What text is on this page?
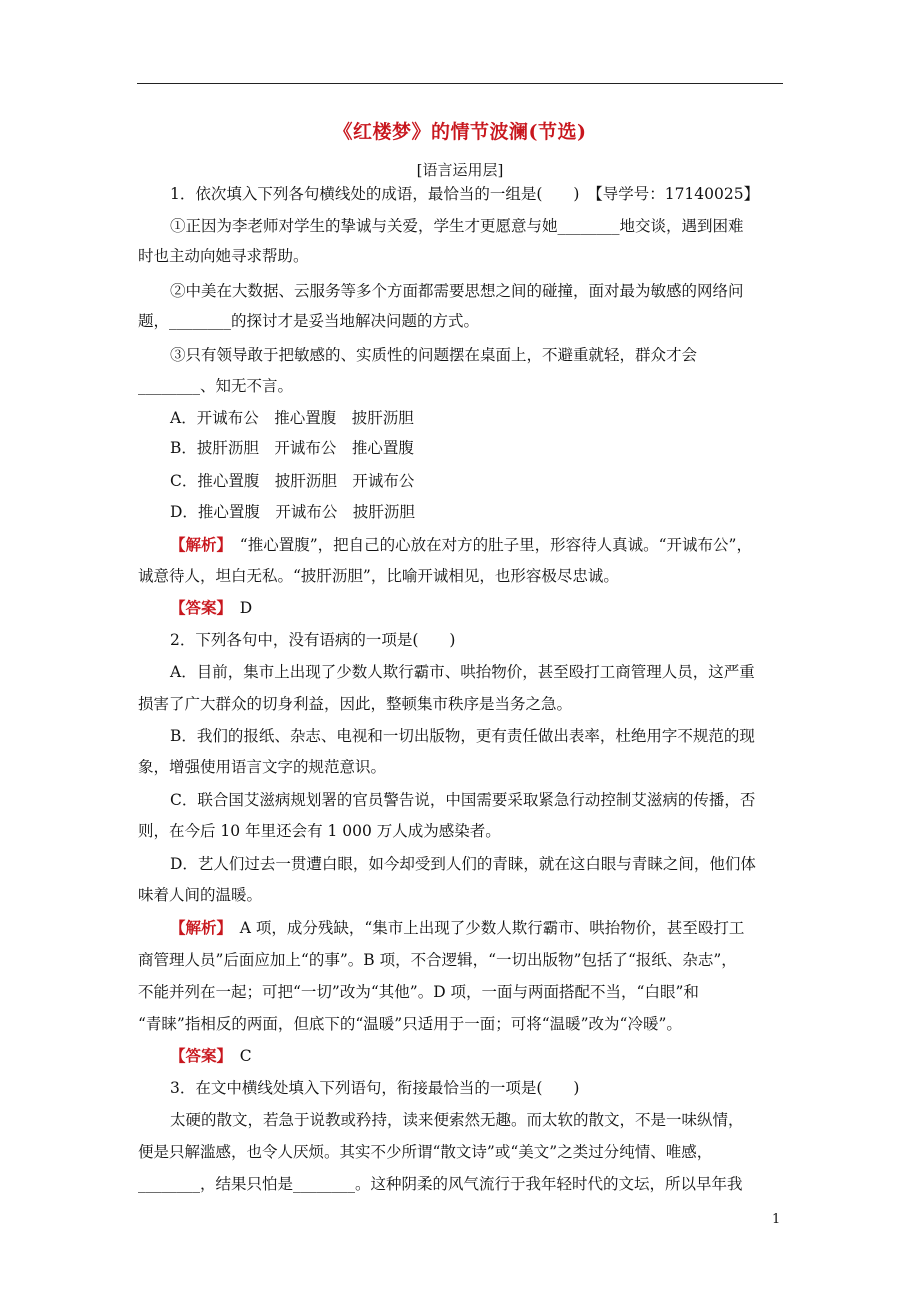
《红楼梦》的情节波澜(节选)
[语言运用层]
1．依次填入下列各句横线处的成语，最恰当的一组是(　　)　【导学号：17140025】
①正因为李老师对学生的挚诚与关爱，学生才更愿意与她________地交谈，遇到困难
时也主动向她寻求帮助。
②中美在大数据、云服务等多个方面都需要思想之间的碰撞，面对最为敏感的网络问
题，________的探讨才是妥当地解决问题的方式。
③只有领导敢于把敏感的、实质性的问题摆在桌面上，不避重就轻，群众才会
________、知无不言。
A．开诚布公　推心置腹　披肝沥胆
B．披肝沥胆　开诚布公　推心置腹
C．推心置腹　披肝沥胆　开诚布公
D．推心置腹　开诚布公　披肝沥胆
【解析】　“推心置腹”，把自己的心放在对方的肚子里，形容待人真诚。“开诚布公”，
诚意待人，坦白无私。“披肝沥胆”，比喻开诚相见，也形容极尽忠诚。
【答案】　D
2．下列各句中，没有语病的一项是(　　)
A．目前，集市上出现了少数人欺行霸市、哄抬物价，甚至殴打工商管理人员，这严重
损害了广大群众的切身利益，因此，整顿集市秩序是当务之急。
B．我们的报纸、杂志、电视和一切出版物，更有责任做出表率，杜绝用字不规范的现
象，增强使用语言文字的规范意识。
C．联合国艾滋病规划署的官员警告说，中国需要采取紧急行动控制艾滋病的传播，否
则，在今后 10 年里还会有 1 000 万人成为感染者。
D．艺人们过去一贯遭白眼，如今却受到人们的青睐，就在这白眼与青睐之间，他们体
味着人间的温暖。
【解析】　A 项，成分残缺，“集市上出现了少数人欺行霸市、哄抬物价，甚至殴打工
商管理人员”后面应加上“的事”。B 项，不合逻辑，“一切出版物”包括了“报纸、杂志”，
不能并列在一起；可把“一切”改为“其他”。D 项，一面与两面搭配不当，“白眼”和
“青睐”指相反的两面，但底下的“温暖”只适用于一面；可将“温暖”改为“冷暖”。
【答案】　C
3．在文中横线处填入下列语句，衔接最恰当的一项是(　　)
太硬的散文，若急于说教或矜持，读来便索然无趣。而太软的散文，不是一味纵情，
便是只解滥感，也令人厌烦。其实不少所谓“散文诗”或“美文”之类过分纯情、唯感，
________，结果只怕是________。这种阴柔的风气流行于我年轻时代的文坛，所以早年我
1
